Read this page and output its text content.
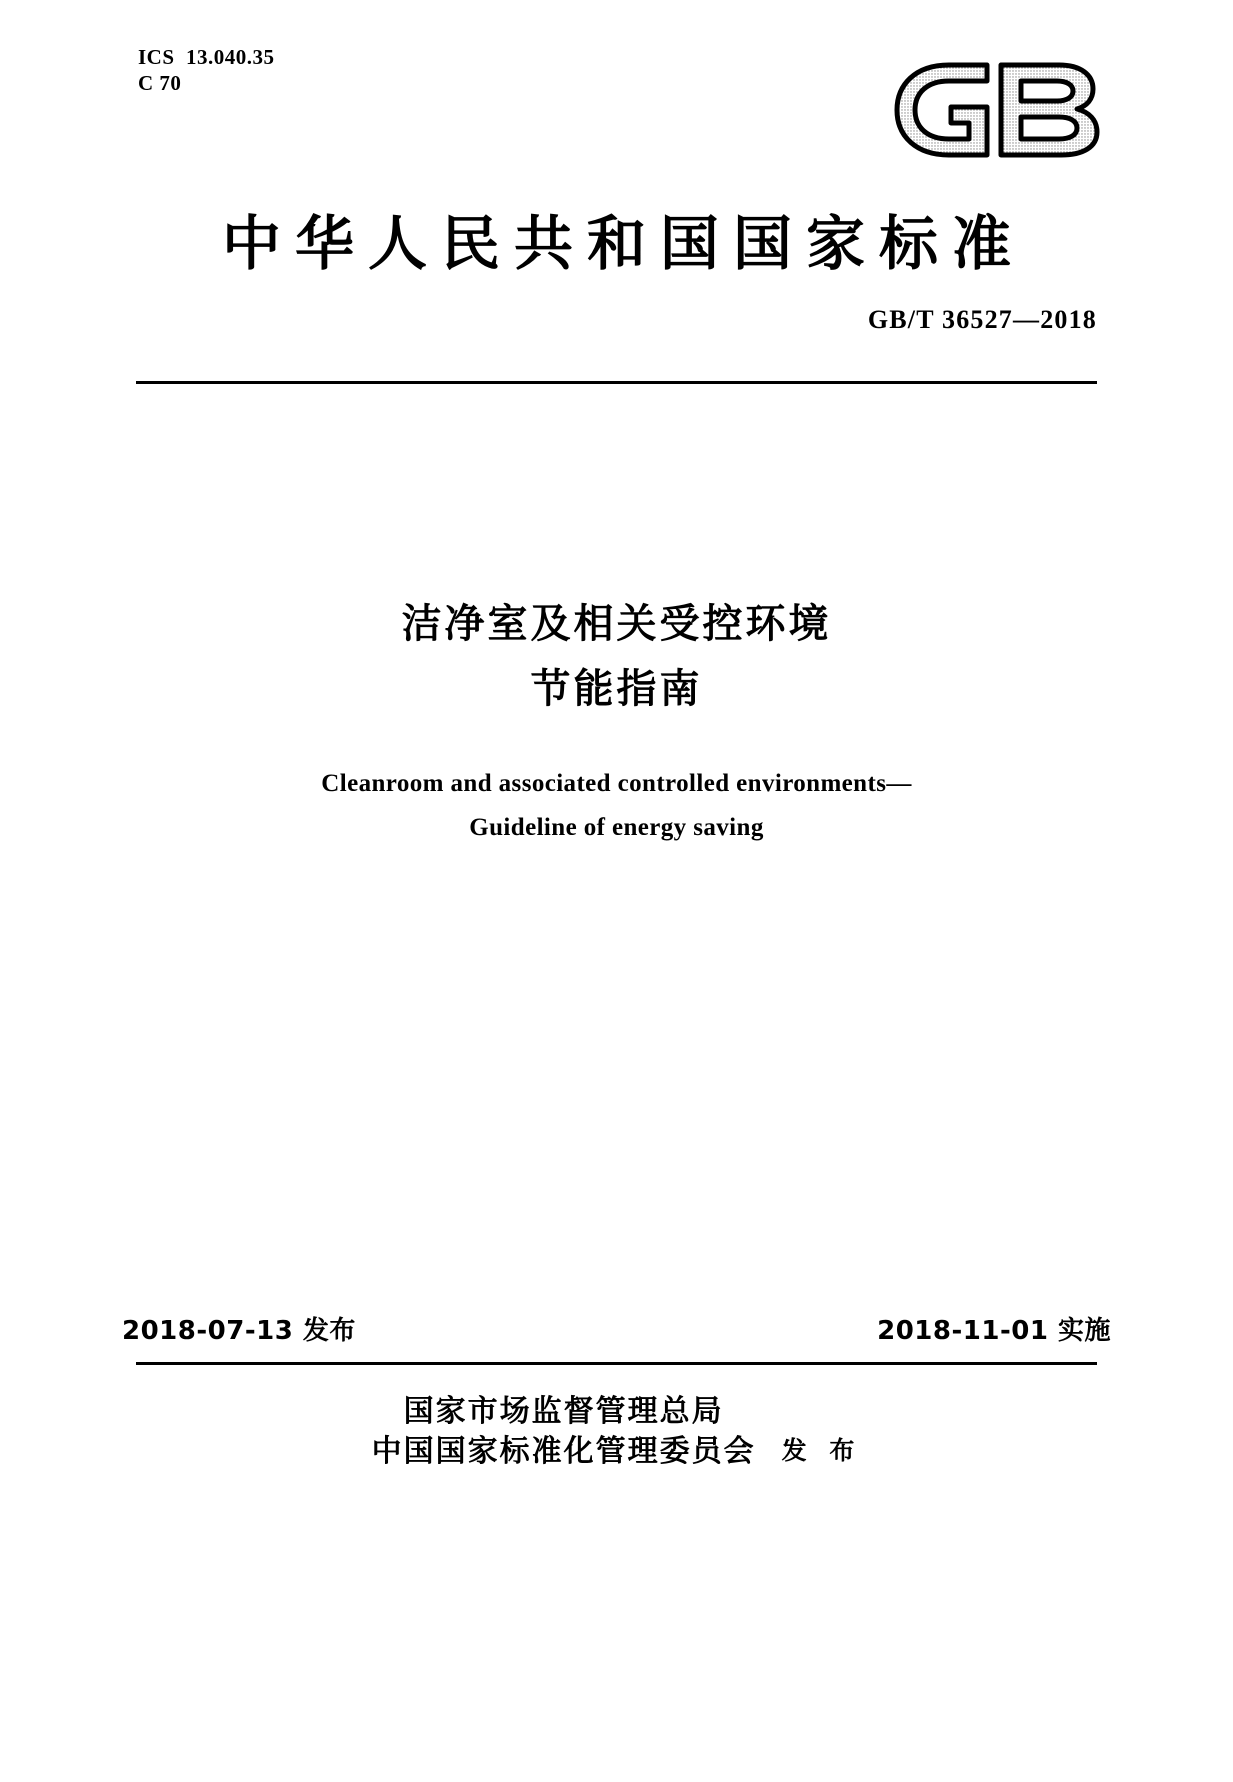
ICS  13.040.35
C 70
中华人民共和国国家标准
GB/T 36527—2018
洁净室及相关受控环境
节能指南
Cleanroom and associated controlled environments—
Guideline of energy saving
2018-07-13 发布	2018-11-01 实施
国家市场监督管理总局
中国国家标准化管理委员会	发 布
